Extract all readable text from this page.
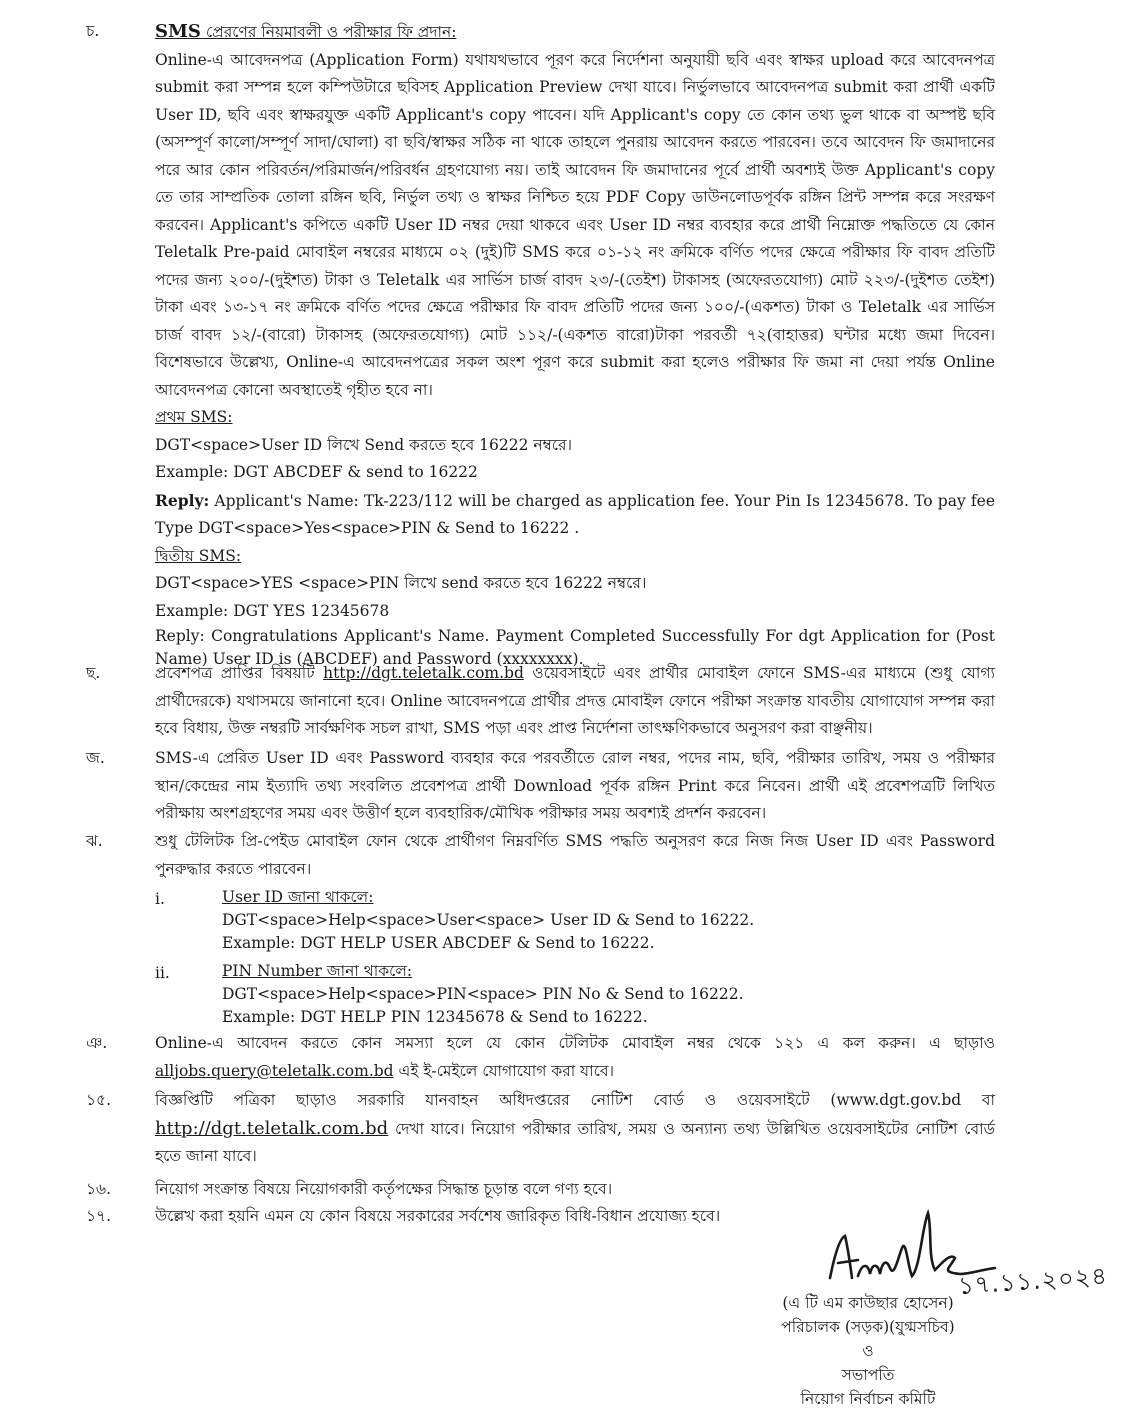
চ.	SMS প্রেরণের নিয়মাবলী ও পরীক্ষার ফি প্রদান:

Online-এ আবেদনপত্র (Application Form) যথাযথভাবে পূরণ করে নির্দেশনা অনুযায়ী ছবি এবং স্বাক্ষর upload করে আবেদনপত্র submit করা সম্পন্ন হলে কম্পিউটারে ছবিসহ Application Preview দেখা যাবে। নির্ভুলভাবে আবেদনপত্র submit করা প্রার্থী একটি User ID, ছবি এবং স্বাক্ষরযুক্ত একটি Applicant's copy পাবেন। যদি Applicant's copy তে কোন তথ্য ভুল থাকে বা অস্পষ্ট ছবি (অসম্পূর্ণ কালো/সম্পূর্ণ সাদা/ঘোলা) বা ছবি/স্বাক্ষর সঠিক না থাকে তাহলে পুনরায় আবেদন করতে পারবেন। তবে আবেদন ফি জমাদানের পরে আর কোন পরিবর্তন/পরিমার্জন/পরিবর্ধন গ্রহণযোগ্য নয়। তাই আবেদন ফি জমাদানের পূর্বে প্রার্থী অবশ্যই উক্ত Applicant's copy তে তার সাম্প্রতিক তোলা রঙ্গিন ছবি, নির্ভুল তথ্য ও স্বাক্ষর নিশ্চিত হয়ে PDF Copy ডাউনলোডপূর্বক রঙ্গিন প্রিন্ট সম্পন্ন করে সংরক্ষণ করবেন। Applicant's কপিতে একটি User ID নম্বর দেয়া থাকবে এবং User ID নম্বর ব্যবহার করে প্রার্থী নিম্নোক্ত পদ্ধতিতে যে কোন Teletalk Pre-paid মোবাইল নম্বরের মাধ্যমে ০২ (দুই)টি SMS করে ০১-১২ নং ক্রমিকে বর্ণিত পদের ক্ষেত্রে পরীক্ষার ফি বাবদ প্রতিটি পদের জন্য ২০০/-(দুইশত) টাকা ও Teletalk এর সার্ভিস চার্জ বাবদ ২৩/-(তেইশ) টাকাসহ (অফেরতযোগ্য) মোট ২২৩/-(দুইশত তেইশ) টাকা এবং ১৩-১৭ নং ক্রমিকে বর্ণিত পদের ক্ষেত্রে পরীক্ষার ফি বাবদ প্রতিটি পদের জন্য ১০০/-(একশত) টাকা ও Teletalk এর সার্ভিস চার্জ বাবদ ১২/-(বারো) টাকাসহ (অফেরতযোগ্য) মোট ১১২/-(একশত বারো)টাকা পরবর্তী ৭২(বাহাত্তর) ঘন্টার মধ্যে জমা দিবেন। বিশেষভাবে উল্লেখ্য, Online-এ আবেদনপত্রের সকল অংশ পূরণ করে submit করা হলেও পরীক্ষার ফি জমা না দেয়া পর্যন্ত Online আবেদনপত্র কোনো অবস্থাতেই গৃহীত হবে না।

প্রথম SMS:

DGT<space>User ID লিখে Send করতে হবে 16222 নম্বরে।

Example: DGT ABCDEF & send to 16222

Reply: Applicant's Name: Tk-223/112 will be charged as application fee. Your Pin Is 12345678. To pay fee Type DGT<space>Yes<space>PIN & Send to 16222 .

দ্বিতীয় SMS:

DGT<space>YES <space>PIN লিখে send করতে হবে 16222 নম্বরে।

Example: DGT YES 12345678

Reply: Congratulations Applicant's Name. Payment Completed Successfully For dgt Application for (Post Name) User ID is (ABCDEF) and Password (xxxxxxxx).

ছ.	প্রবেশপত্র প্রাপ্তির বিষয়টি http://dgt.teletalk.com.bd ওয়েবসাইটে এবং প্রার্থীর মোবাইল ফোনে SMS-এর মাধ্যমে (শুধু যোগ্য প্রার্থীদেরকে) যথাসময়ে জানানো হবে। Online আবেদনপত্রে প্রার্থীর প্রদত্ত মোবাইল ফোনে পরীক্ষা সংক্রান্ত যাবতীয় যোগাযোগ সম্পন্ন করা হবে বিধায়, উক্ত নম্বরটি সার্বক্ষণিক সচল রাখা, SMS পড়া এবং প্রাপ্ত নির্দেশনা তাৎক্ষণিকভাবে অনুসরণ করা বাঞ্ছনীয়।

জ.	SMS-এ প্রেরিত User ID এবং Password ব্যবহার করে পরবর্তীতে রোল নম্বর, পদের নাম, ছবি, পরীক্ষার তারিখ, সময় ও পরীক্ষার স্থান/কেন্দ্রের নাম ইত্যাদি তথ্য সংবলিত প্রবেশপত্র প্রার্থী Download পূর্বক রঙ্গিন Print করে নিবেন। প্রার্থী এই প্রবেশপত্রটি লিখিত পরীক্ষায় অংশগ্রহণের সময় এবং উত্তীর্ণ হলে ব্যবহারিক/মৌখিক পরীক্ষার সময় অবশ্যই প্রদর্শন করবেন।

ঝ.	শুধু টেলিটক প্রি-পেইড মোবাইল ফোন থেকে প্রার্থীগণ নিম্নবর্ণিত SMS পদ্ধতি অনুসরণ করে নিজ নিজ User ID এবং Password পুনরুদ্ধার করতে পারবেন।

i.	User ID জানা থাকলে:

DGT<space>Help<space>User<space> User ID & Send to 16222.

Example: DGT HELP USER ABCDEF & Send to 16222.

ii.	PIN Number জানা থাকলে:

DGT<space>Help<space>PIN<space> PIN No & Send to 16222.

Example: DGT HELP PIN 12345678 & Send to 16222.

ঞ.	Online-এ আবেদন করতে কোন সমস্যা হলে যে কোন টেলিটক মোবাইল নম্বর থেকে ১২১ এ কল করুন। এ ছাড়াও alljobs.query@teletalk.com.bd এই ই-মেইলে যোগাযোগ করা যাবে।

১৫.	বিজ্ঞপ্তিটি পত্রিকা ছাড়াও সরকারি যানবাহন অধিদপ্তরের নোটিশ বোর্ড ও ওয়েবসাইটে (www.dgt.gov.bd বা http://dgt.teletalk.com.bd দেখা যাবে। নিয়োগ পরীক্ষার তারিখ, সময় ও অন্যান্য তথ্য উল্লিখিত ওয়েবসাইটের নোটিশ বোর্ড হতে জানা যাবে।

১৬.	নিয়োগ সংক্রান্ত বিষয়ে নিয়োগকারী কর্তৃপক্ষের সিদ্ধান্ত চূড়ান্ত বলে গণ্য হবে।

১৭.	উল্লেখ করা হয়নি এমন যে কোন বিষয়ে সরকারের সর্বশেষ জারিকৃত বিধি-বিধান প্রযোজ্য হবে।

১৭.১১.২০২৪
(এ টি এম কাউছার হোসেন)
পরিচালক (সড়ক)(যুগ্মসচিব)
ও
সভাপতি
নিয়োগ নির্বাচন কমিটি
